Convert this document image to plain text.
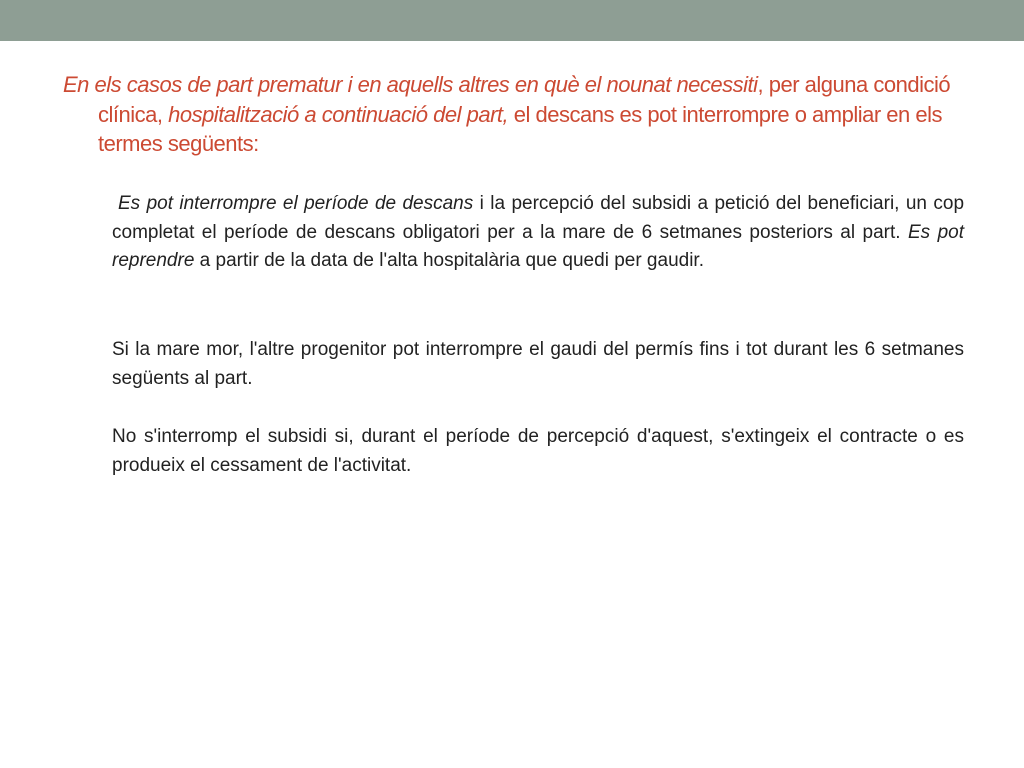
En els casos de part prematur i en aquells altres en què el nounat necessiti, per alguna condició clínica, hospitalització a continuació del part, el descans es pot interrompre o ampliar en els termes següents:

Es pot interrompre el període de descans i la percepció del subsidi a petició del beneficiari, un cop completat el període de descans obligatori per a la mare de 6 setmanes posteriors al part. Es pot reprendre a partir de la data de l'alta hospitalària que quedi per gaudir.

Si la mare mor, l'altre progenitor pot interrompre el gaudi del permís fins i tot durant les 6 setmanes següents al part.

No s'interromp el subsidi si, durant el període de percepció d'aquest, s'extingeix el contracte o es produeix el cessament de l'activitat.
